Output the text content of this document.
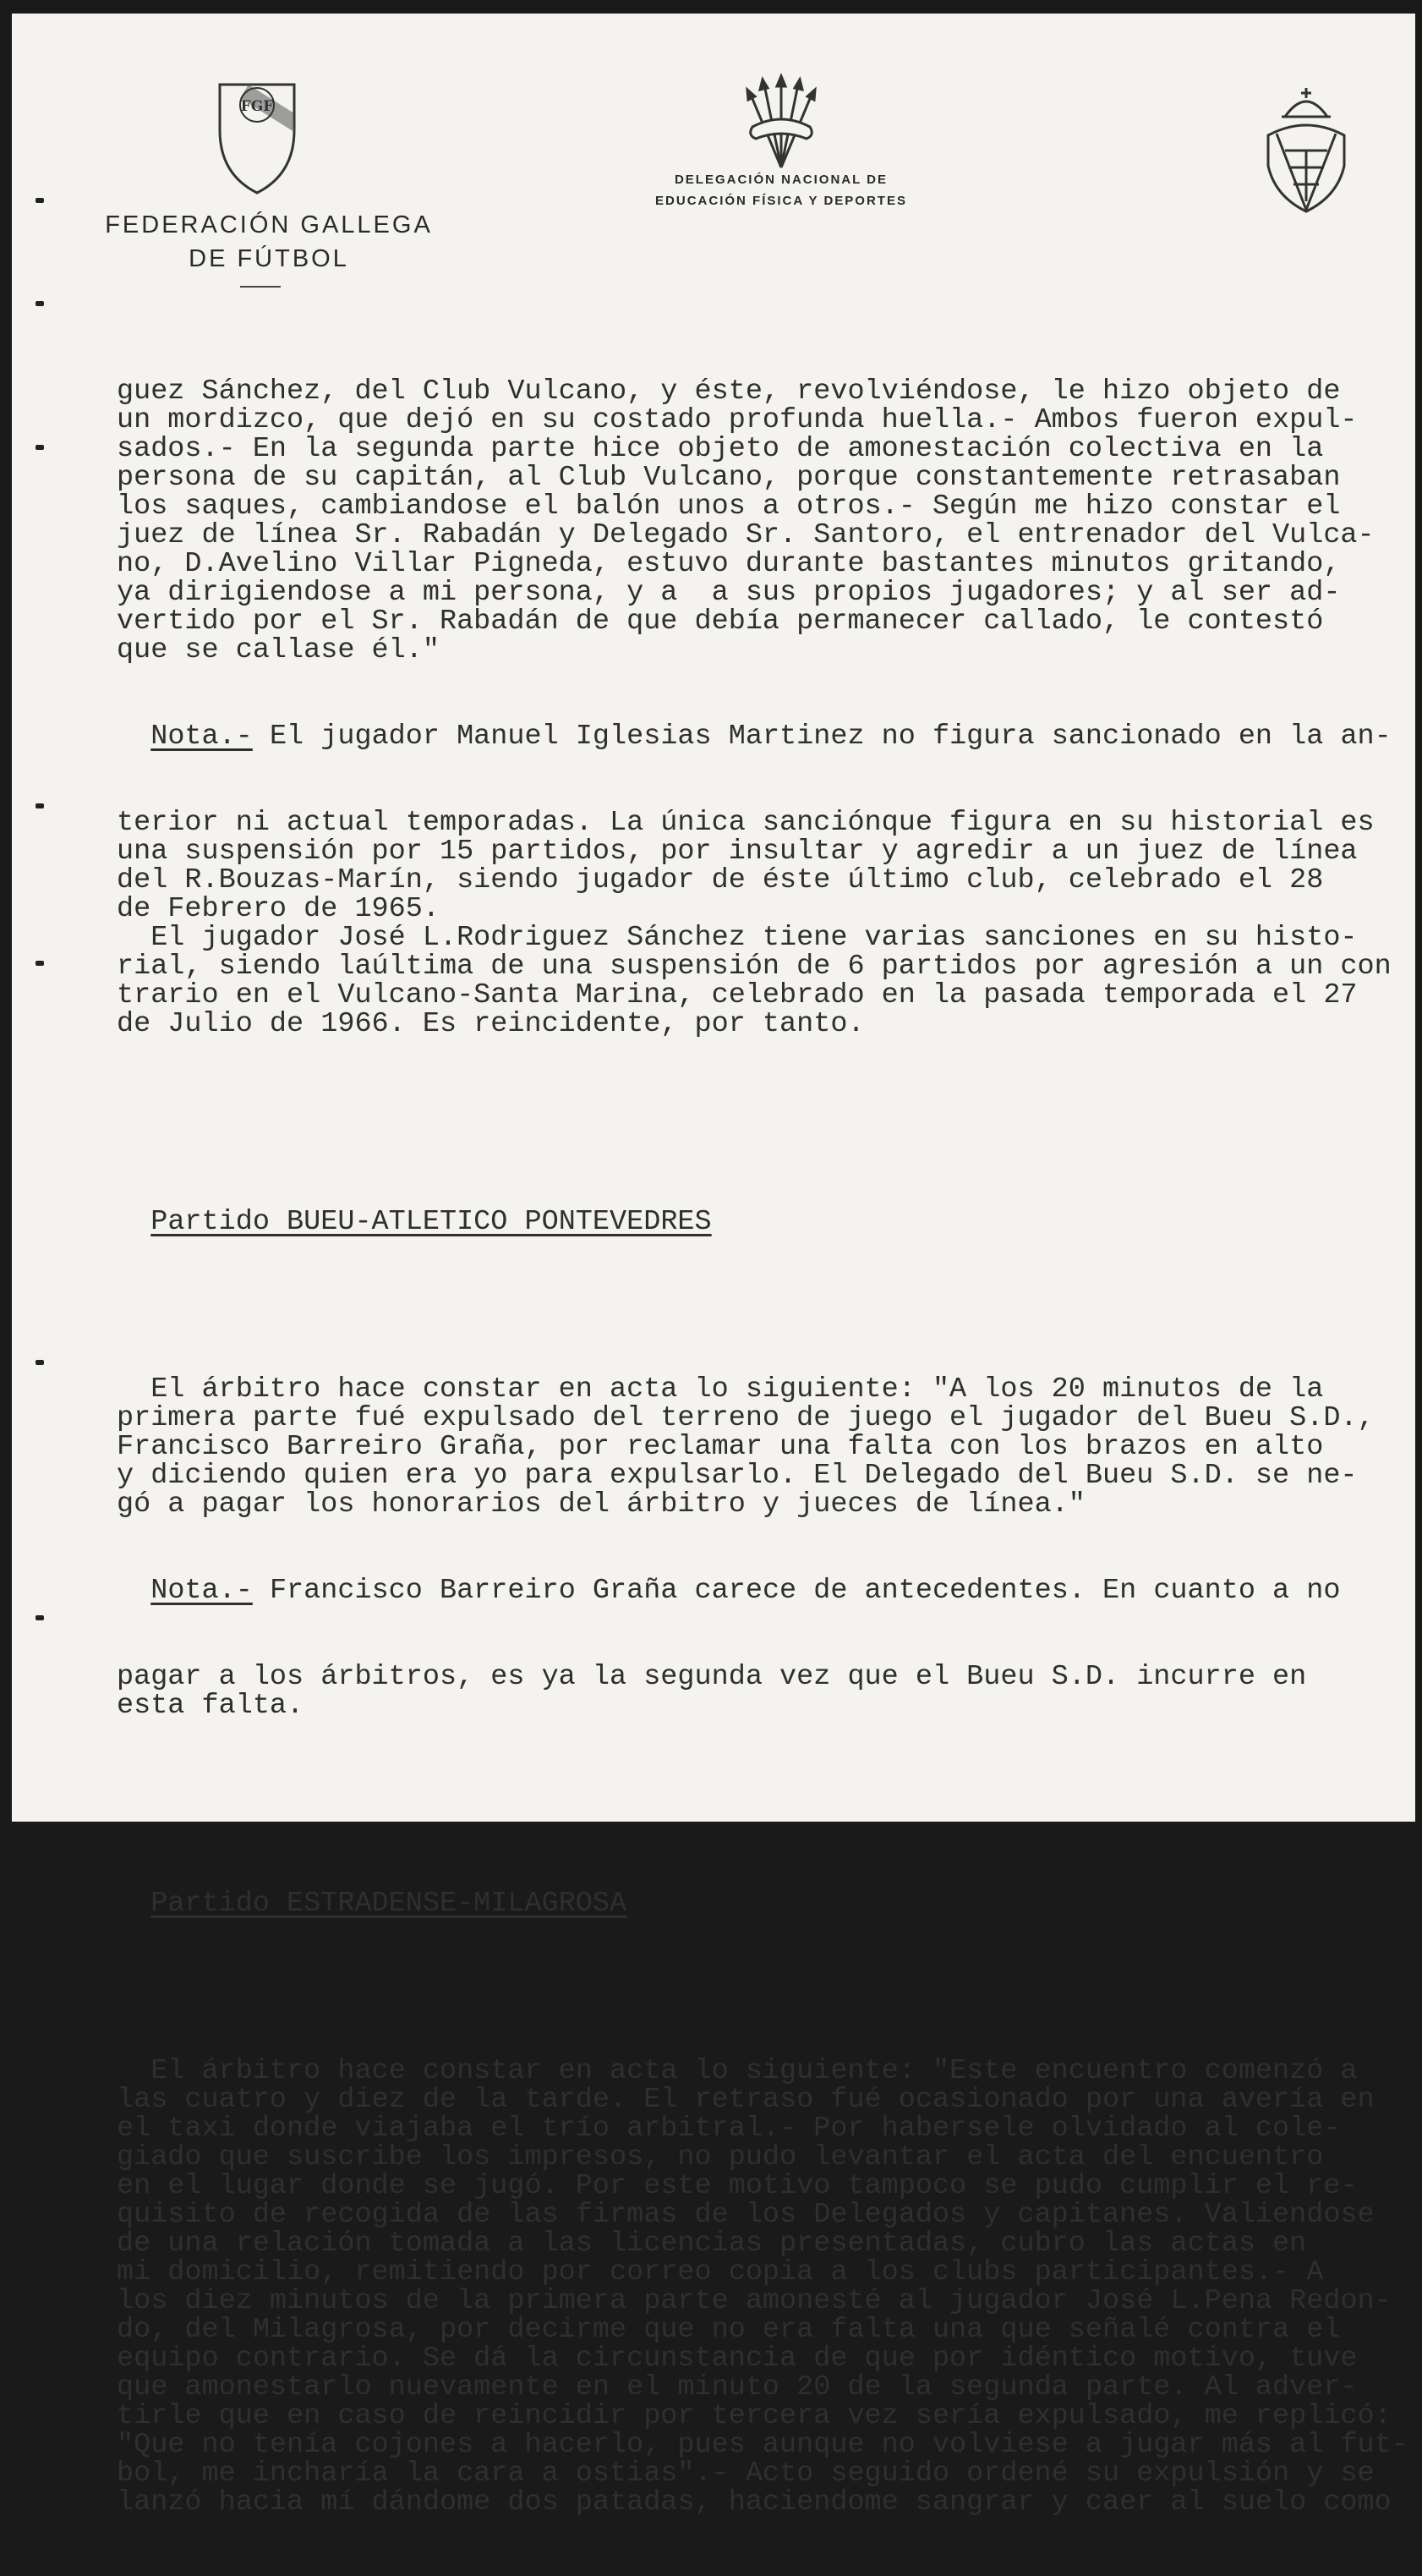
FGF
FEDERACIÓN GALLEGA
DE FÚTBOL
DELEGACIÓN NACIONAL DE
EDUCACIÓN FÍSICA Y DEPORTES

guez Sánchez, del Club Vulcano, y éste, revolviéndose, le hizo objeto de
un mordizco, que dejó en su costado profunda huella.- Ambos fueron expul-
sados.- En la segunda parte hice objeto de amonestación colectiva en la
persona de su capitán, al Club Vulcano, porque constantemente retrasaban
los saques, cambiandose el balón unos a otros.- Según me hizo constar el
juez de línea Sr. Rabadán y Delegado Sr. Santoro, el entrenador del Vulca-
no, D.Avelino Villar Pigneda, estuvo durante bastantes minutos gritando,
ya dirigiendose a mi persona, y a  a sus propios jugadores; y al ser ad-
vertido por el Sr. Rabadán de que debía permanecer callado, le contestó
que se callase él."

Nota.- El jugador Manuel Iglesias Martinez no figura sancionado en la an-

terior ni actual temporadas. La única sanciónque figura en su historial es
una suspensión por 15 partidos, por insultar y agredir a un juez de línea
del R.Bouzas-Marín, siendo jugador de éste último club, celebrado el 28
de Febrero de 1965.
El jugador José L.Rodriguez Sánchez tiene varias sanciones en su histo-
rial, siendo laúltima de una suspensión de 6 partidos por agresión a un con
trario en el Vulcano-Santa Marina, celebrado en la pasada temporada el 27
de Julio de 1966. Es reincidente, por tanto.

Partido BUEU-ATLETICO PONTEVEDRES

El árbitro hace constar en acta lo siguiente: "A los 20 minutos de la
primera parte fué expulsado del terreno de juego el jugador del Bueu S.D.,
Francisco Barreiro Graña, por reclamar una falta con los brazos en alto
y diciendo quien era yo para expulsarlo. El Delegado del Bueu S.D. se ne-
gó a pagar los honorarios del árbitro y jueces de línea."

Nota.- Francisco Barreiro Graña carece de antecedentes. En cuanto a no

pagar a los árbitros, es ya la segunda vez que el Bueu S.D. incurre en
esta falta.

Partido ESTRADENSE-MILAGROSA

El árbitro hace constar en acta lo siguiente: "Este encuentro comenzó a
las cuatro y diez de la tarde. El retraso fué ocasionado por una avería en
el taxi donde viajaba el trío arbitral.- Por habersele olvidado al cole-
giado que suscribe los impresos, no pudo levantar el acta del encuentro
en el lugar donde se jugó. Por este motivo tampoco se pudo cumplir el re-
quisito de recogida de las firmas de los Delegados y capitanes. Valiendose
de una relación tomada a las licencias presentadas, cubro las actas en
mi domicilio, remitiendo por correo copia a los clubs participantes.- A
los diez minutos de la primera parte amonesté al jugador José L.Pena Redon-
do, del Milagrosa, por decirme que no era falta una que señalé contra el
equipo contrario. Se dá la circunstancia de que por idéntico motivo, tuve
que amonestarlo nuevamente en el minuto 20 de la segunda parte. Al adver-
tirle que en caso de reincidir por tercera vez sería expulsado, me replicó:
"Que no tenía cojones a hacerlo, pues aunque no volviese a jugar más al fut-
bol, me incharía la cara a ostias".- Acto seguido ordené su expulsión y se
lanzó hacia mí dándome dos patadas, haciendome sangrar y caer al suelo como
